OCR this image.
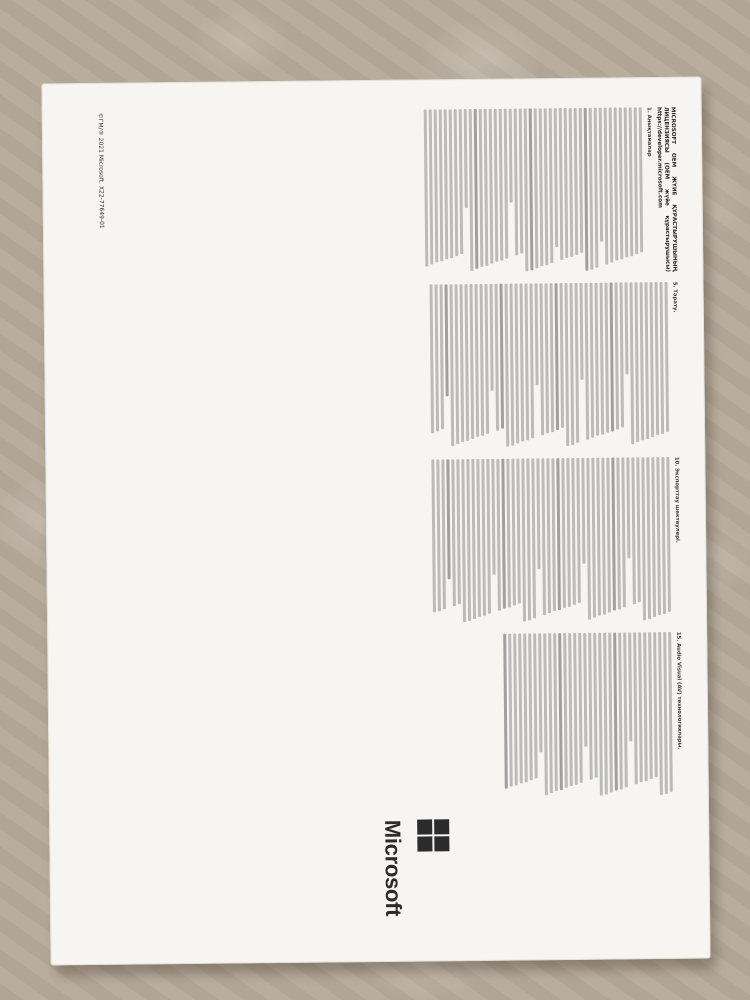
MICROSOFT ОЕМ ЖҮЙЕ ҚҰРАСТЫРУШЫНЫҢ ЛИЦЕНЗИЯСЫ (ОЕМ жүйе құрастырушысы) https://developer.microsoft.com

1. Анықтамалар

5. Тарату.

10. Экспорттау шектеулері.

15. Audio Visual (AV) технологиялары.

©ГМ/® 2021 Microsoft. X22-77649-01
Microsoft
